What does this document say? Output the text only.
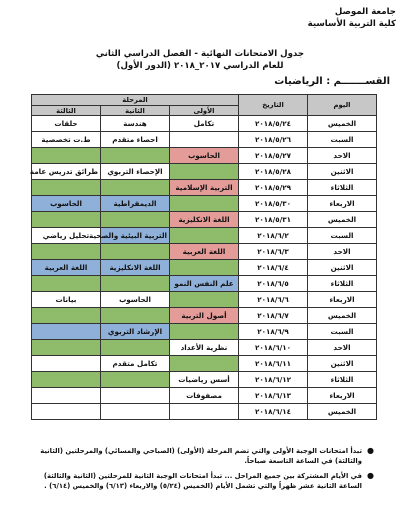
جامعة الموصل
كلية التربية الأساسية
جدول الامتحانات النهائية - الفصل الدراسي الثاني
للعام الدراسي ٢٠١٧_٢٠١٨ (الدور الأول)
القســـــــم : الرياضيات
اليوم	التاريخ	المرحلة		
		الأولى	الثانية	الثالثة
الخميس	٢٠١٨/٥/٢٤	تكامل	هندسة	حلقات
السبت	٢٠١٨/٥/٢٦		احصاء متقدم	ط.ت تخصصية
الاحد	٢٠١٨/٥/٢٧	الحاسوب		
الاثنين	٢٠١٨/٥/٢٨		الإحصاء التربوي	طرائق تدريس عامة
الثلاثاء	٢٠١٨/٥/٢٩	التربية الإسلامية		
الاربعاء	٢٠١٨/٥/٣٠		الديمقراطية	الحاسوب
الخميس	٢٠١٨/٥/٣١	اللغة الانكليزية		
السبت	٢٠١٨/٦/٢		التربية البيئية والصحية	تحليل رياضي
الاحد	٢٠١٨/٦/٣	اللغة العربية		
الاثنين	٢٠١٨/٦/٤		اللغة الانكليزية	اللغة العربية
الثلاثاء	٢٠١٨/٦/٥	علم النفس النمو		
الاربعاء	٢٠١٨/٦/٦		الحاسوب	بيانات
الخميس	٢٠١٨/٦/٧	أصول التربية		
السبت	٢٠١٨/٦/٩		الإرشاد التربوي	
الاحد	٢٠١٨/٦/١٠	نظرية الأعداد		
الاثنين	٢٠١٨/٦/١١		تكامل متقدم	
الثلاثاء	٢٠١٨/٦/١٢	أسس رياضيات		
الاربعاء	٢٠١٨/٦/١٣	مصفوفات		
الخميس	٢٠١٨/٦/١٤			
●
تبدأ امتحانات الوجبة الأولى والتي تضم المرحلة (الأولى) (الصباحي والمسائي) والمرحلتين (الثانية والثالثة) في الساعة التاسعة صباحاً.
●
في الأيام المشتركة بين جميع المراحل ... تبدأ امتحانات الوجبة الثانية للمرحلتين (الثانية والثالثة) الساعة الثانية عشر ظهراً والتي تشمل الأيام (الخميس (٥/٢٤) والاربعاء (٦/١٣) والخميس (٦/١٤) .
